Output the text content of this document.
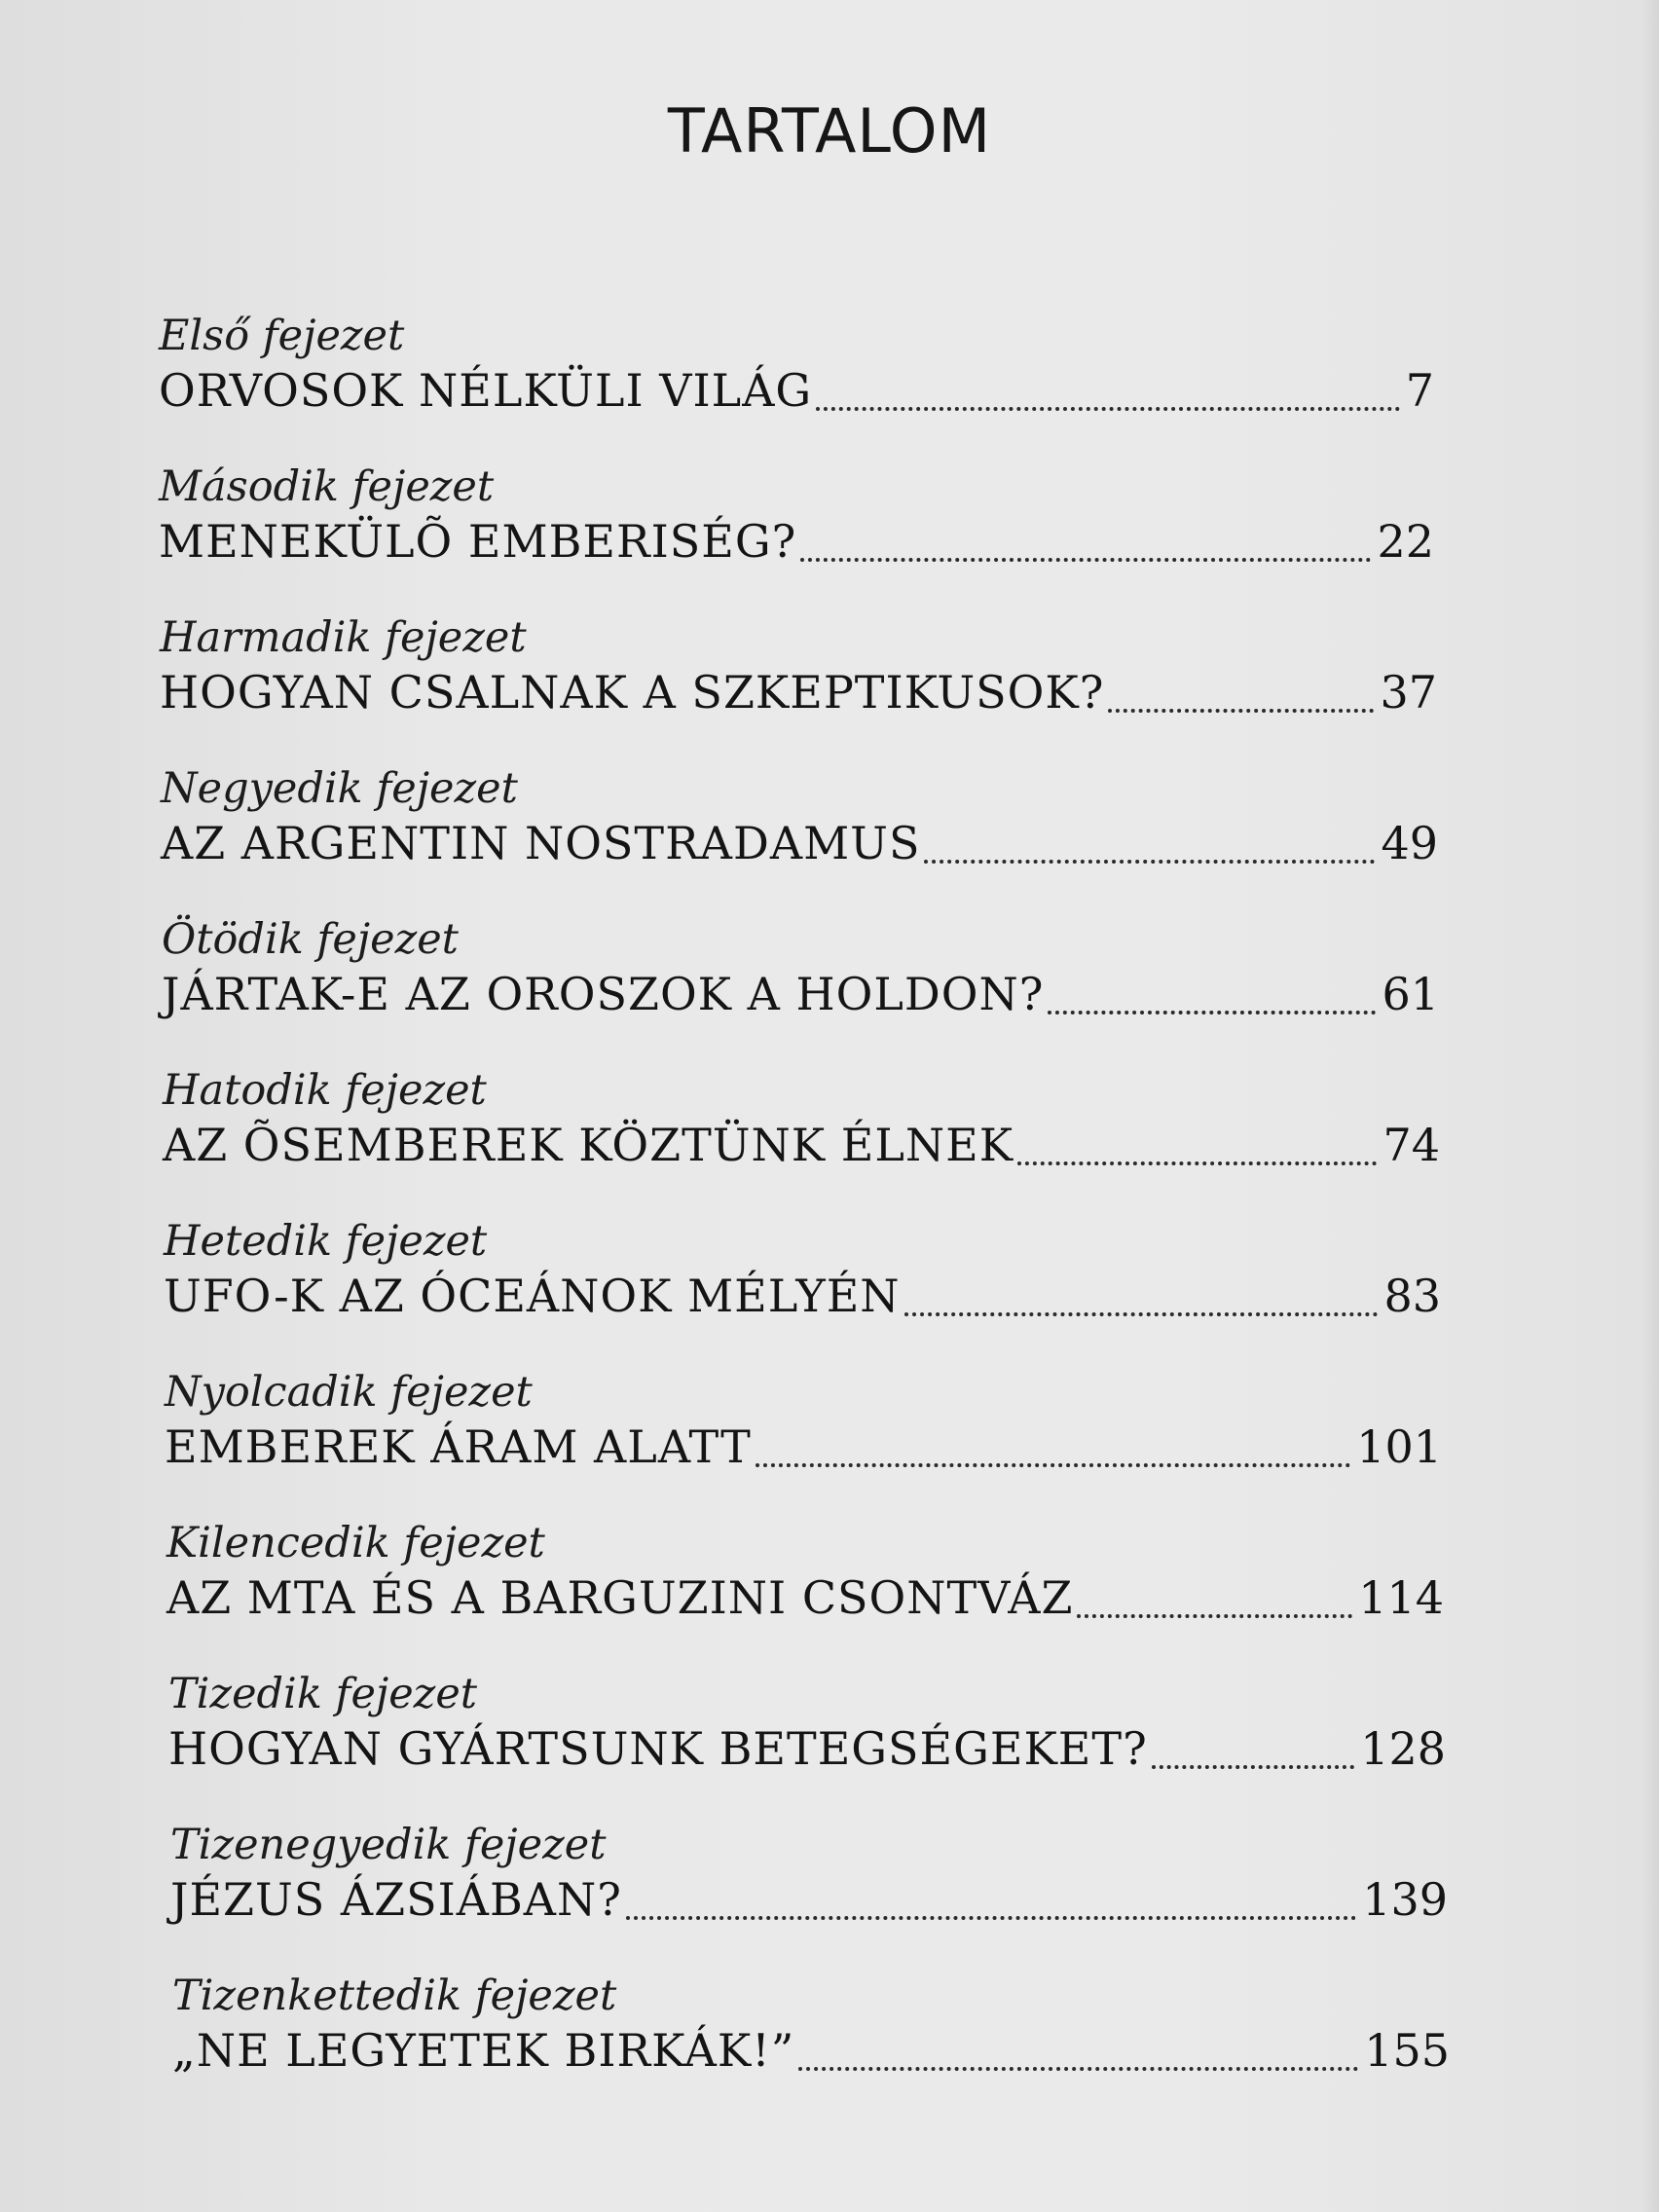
TARTALOM
Első fejezet
ORVOSOK NÉLKÜLI VILÁG	7
Második fejezet
MENEKÜLÕ EMBERISÉG?	22
Harmadik fejezet
HOGYAN CSALNAK A SZKEPTIKUSOK?	37
Negyedik fejezet
AZ ARGENTIN NOSTRADAMUS	49
Ötödik fejezet
JÁRTAK-E AZ OROSZOK A HOLDON?	61
Hatodik fejezet
AZ ÕSEMBEREK KÖZTÜNK ÉLNEK	74
Hetedik fejezet
UFO-K AZ ÓCEÁNOK MÉLYÉN	83
Nyolcadik fejezet
EMBEREK ÁRAM ALATT	101
Kilencedik fejezet
AZ MTA ÉS A BARGUZINI CSONTVÁZ	114
Tizedik fejezet
HOGYAN GYÁRTSUNK BETEGSÉGEKET?	128
Tizenegyedik fejezet
JÉZUS ÁZSIÁBAN?	139
Tizenkettedik fejezet
„NE LEGYETEK BIRKÁK!”	155
